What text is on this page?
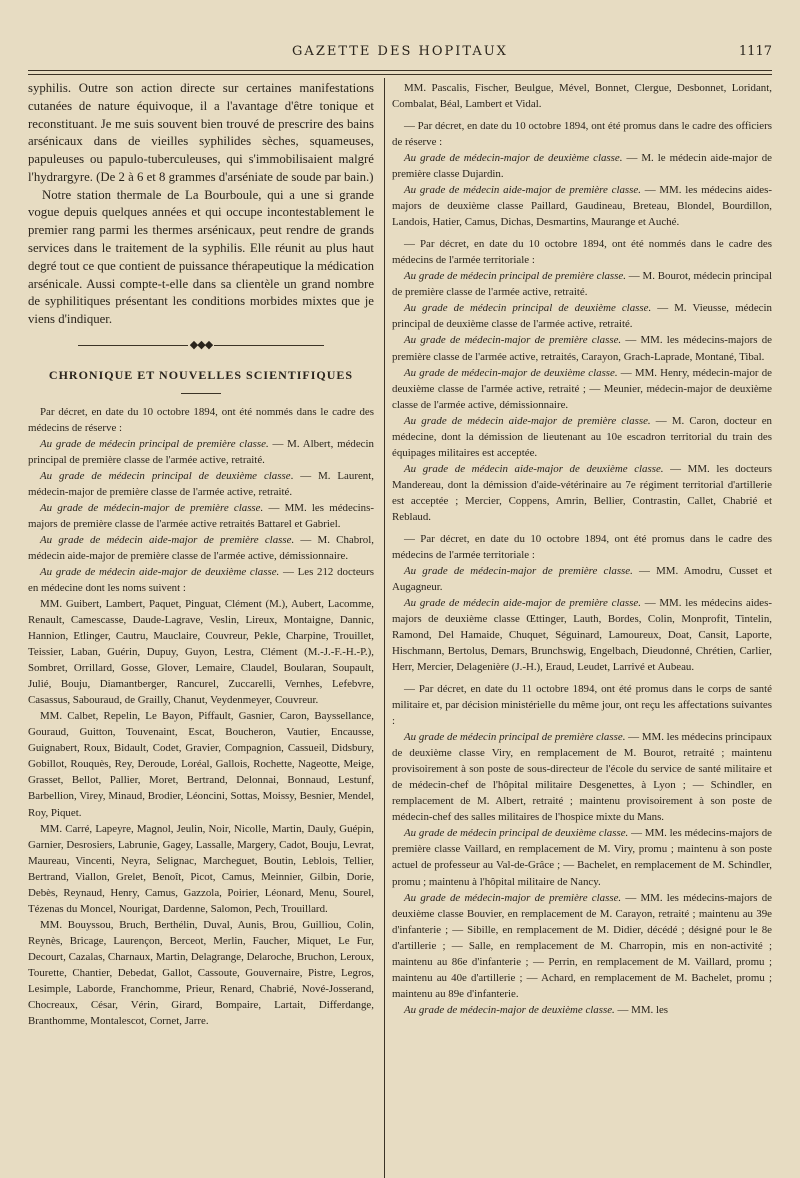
GAZETTE DES HOPITAUX	1117

syphilis. Outre son action directe sur certaines manifestations cutanées de nature équivoque, il a l'avantage d'être tonique et reconstituant. Je me suis souvent bien trouvé de prescrire des bains arsénicaux dans de vieilles syphilides sèches, squameuses, papuleuses ou papulo-tuberculeuses, qui s'immobilisaient malgré l'hydrargyre. (De 2 à 6 et 8 grammes d'arséniate de soude par bain.)

Notre station thermale de La Bourboule, qui a une si grande vogue depuis quelques années et qui occupe incontestablement le premier rang parmi les thermes arsénicaux, peut rendre de grands services dans le traitement de la syphilis. Elle réunit au plus haut degré tout ce que contient de puissance thérapeutique la médication arsénicale. Aussi compte-t-elle dans sa clientèle un grand nombre de syphilitiques présentant les conditions morbides mixtes que je viens d'indiquer.

◆◆◆
CHRONIQUE ET NOUVELLES SCIENTIFIQUES

Par décret, en date du 10 octobre 1894, ont été nommés dans le cadre des médecins de réserve :

Au grade de médecin principal de première classe. — M. Albert, médecin principal de première classe de l'armée active, retraité.

Au grade de médecin principal de deuxième classe. — M. Laurent, médecin-major de première classe de l'armée active, retraité.

Au grade de médecin-major de première classe. — MM. les médecins-majors de première classe de l'armée active retraités Battarel et Gabriel.

Au grade de médecin aide-major de première classe. — M. Chabrol, médecin aide-major de première classe de l'armée active, démissionnaire.

Au grade de médecin aide-major de deuxième classe. — Les 212 docteurs en médecine dont les noms suivent :

MM. Guibert, Lambert, Paquet, Pinguat, Clément (M.), Aubert, Lacomme, Renault, Camescasse, Daude-Lagrave, Veslin, Lireux, Montaigne, Dannic, Hannion, Etlinger, Cautru, Mauclaire, Couvreur, Pekle, Charpine, Trouillet, Teissier, Laban, Guérin, Dupuy, Guyon, Lestra, Clément (M.-J.-F.-H.-P.), Sombret, Orrillard, Gosse, Glover, Lemaire, Claudel, Boularan, Soupault, Julié, Bouju, Diamantberger, Rancurel, Zuccarelli, Vernhes, Lefebvre, Casassus, Sabouraud, de Grailly, Chanut, Veydenmeyer, Couvreur.

MM. Calbet, Repelin, Le Bayon, Piffault, Gasnier, Caron, Bayssellance, Gouraud, Guitton, Touvenaint, Escat, Boucheron, Vautier, Encausse, Guignabert, Roux, Bidault, Codet, Gravier, Compagnion, Cassueil, Didsbury, Gobillot, Rouquès, Rey, Deroude, Loréal, Gallois, Rochette, Nageotte, Meige, Grasset, Bellot, Pallier, Moret, Bertrand, Delonnai, Bonnaud, Lestunf, Barbellion, Virey, Minaud, Brodier, Léoncini, Sottas, Moissy, Besnier, Mendel, Roy, Piquet.

MM. Carré, Lapeyre, Magnol, Jeulin, Noir, Nicolle, Martin, Dauly, Guépin, Garnier, Desrosiers, Labrunie, Gagey, Lassalle, Margery, Cadot, Bouju, Levrat, Maureau, Vincenti, Neyra, Selignac, Marcheguet, Boutin, Leblois, Tellier, Bertrand, Viallon, Grelet, Benoît, Picot, Camus, Meinnier, Gilbin, Dorie, Debès, Reynaud, Henry, Camus, Gazzola, Poirier, Léonard, Menu, Sourel, Tézenas du Moncel, Nourigat, Dardenne, Salomon, Pech, Trouillard.

MM. Bouyssou, Bruch, Berthélin, Duval, Aunis, Brou, Guilliou, Colin, Reynès, Bricage, Laurençon, Berceot, Merlin, Faucher, Miquet, Le Fur, Decourt, Cazalas, Charnaux, Martin, Delagrange, Delaroche, Bruchon, Leroux, Tourette, Chantier, Debedat, Gallot, Cassoute, Gouvernaire, Pistre, Legros, Lesimple, Laborde, Franchomme, Prieur, Renard, Chabrié, Nové-Josserand, Chocreaux, César, Vérin, Girard, Bompaire, Lartait, Differdange, Branthomme, Montalescot, Cornet, Jarre.

MM. Pascalis, Fischer, Beulgue, Mével, Bonnet, Clergue, Desbonnet, Loridant, Combalat, Béal, Lambert et Vidal.

— Par décret, en date du 10 octobre 1894, ont été promus dans le cadre des officiers de réserve :

Au grade de médecin-major de deuxième classe. — M. le médecin aide-major de première classe Dujardin.

Au grade de médecin aide-major de première classe. — MM. les médecins aides-majors de deuxième classe Paillard, Gaudineau, Breteau, Blondel, Bourdillon, Landois, Hatier, Camus, Dichas, Desmartins, Maurange et Auché.

— Par décret, en date du 10 octobre 1894, ont été nommés dans le cadre des médecins de l'armée territoriale :

Au grade de médecin principal de première classe. — M. Bourot, médecin principal de première classe de l'armée active, retraité.

Au grade de médecin principal de deuxième classe. — M. Vieusse, médecin principal de deuxième classe de l'armée active, retraité.

Au grade de médecin-major de première classe. — MM. les médecins-majors de première classe de l'armée active, retraités, Carayon, Grach-Laprade, Montané, Tibal.

Au grade de médecin-major de deuxième classe. — MM. Henry, médecin-major de deuxième classe de l'armée active, retraité ; — Meunier, médecin-major de deuxième classe de l'armée active, démissionnaire.

Au grade de médecin aide-major de première classe. — M. Caron, docteur en médecine, dont la démission de lieutenant au 10e escadron territorial du train des équipages militaires est acceptée.

Au grade de médecin aide-major de deuxième classe. — MM. les docteurs Mandereau, dont la démission d'aide-vétérinaire au 7e régiment territorial d'artillerie est acceptée ; Mercier, Coppens, Amrin, Bellier, Contrastin, Callet, Chabrié et Reblaud.

— Par décret, en date du 10 octobre 1894, ont été promus dans le cadre des médecins de l'armée territoriale :

Au grade de médecin-major de première classe. — MM. Amodru, Cusset et Augagneur.

Au grade de médecin aide-major de première classe. — MM. les médecins aides-majors de deuxième classe Œttinger, Lauth, Bordes, Colin, Monprofit, Tintelin, Ramond, Del Hamaide, Chuquet, Séguinard, Lamoureux, Doat, Cansit, Laporte, Hischmann, Bertolus, Demars, Brunchswig, Engelbach, Dieudonné, Chrétien, Carlier, Herr, Mercier, Delagenière (J.-H.), Eraud, Leudet, Larrivé et Aubeau.

— Par décret, en date du 11 octobre 1894, ont été promus dans le corps de santé militaire et, par décision ministérielle du même jour, ont reçu les affectations suivantes :

Au grade de médecin principal de première classe. — MM. les médecins principaux de deuxième classe Viry, en remplacement de M. Bourot, retraité ; maintenu provisoirement à son poste de sous-directeur de l'école du service de santé militaire et de médecin-chef de l'hôpital militaire Desgenettes, à Lyon ; — Schindler, en remplacement de M. Albert, retraité ; maintenu provisoirement à son poste de médecin-chef des salles militaires de l'hospice mixte du Mans.

Au grade de médecin principal de deuxième classe. — MM. les médecins-majors de première classe Vaillard, en remplacement de M. Viry, promu ; maintenu à son poste actuel de professeur au Val-de-Grâce ; — Bachelet, en remplacement de M. Schindler, promu ; maintenu à l'hôpital militaire de Nancy.

Au grade de médecin-major de première classe. — MM. les médecins-majors de deuxième classe Bouvier, en remplacement de M. Carayon, retraité ; maintenu au 39e d'infanterie ; — Sibille, en remplacement de M. Didier, décédé ; désigné pour le 8e d'artillerie ; — Salle, en remplacement de M. Charropin, mis en non-activité ; maintenu au 86e d'infanterie ; — Perrin, en remplacement de M. Vaillard, promu ; maintenu au 40e d'artillerie ; — Achard, en remplacement de M. Bachelet, promu ; maintenu au 89e d'infanterie.

Au grade de médecin-major de deuxième classe. — MM. les
